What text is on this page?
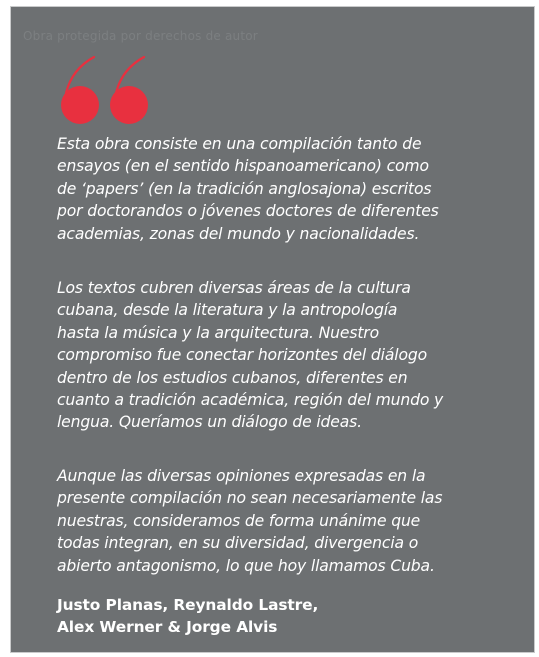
Obra protegida por derechos de autor

Esta obra consiste en una compilación tanto de
ensayos (en el sentido hispanoamericano) como
de ‘papers’ (en la tradición anglosajona) escritos
por doctorandos o jóvenes doctores de diferentes
academias, zonas del mundo y nacionalidades.

Los textos cubren diversas áreas de la cultura
cubana, desde la literatura y la antropología
hasta la música y la arquitectura. Nuestro
compromiso fue conectar horizontes del diálogo
dentro de los estudios cubanos, diferentes en
cuanto a tradición académica, región del mundo y
lengua. Queríamos un diálogo de ideas.

Aunque las diversas opiniones expresadas en la
presente compilación no sean necesariamente las
nuestras, consideramos de forma unánime que
todas integran, en su diversidad, divergencia o
abierto antagonismo, lo que hoy llamamos Cuba.

Justo Planas, Reynaldo Lastre,
Alex Werner & Jorge Alvis
